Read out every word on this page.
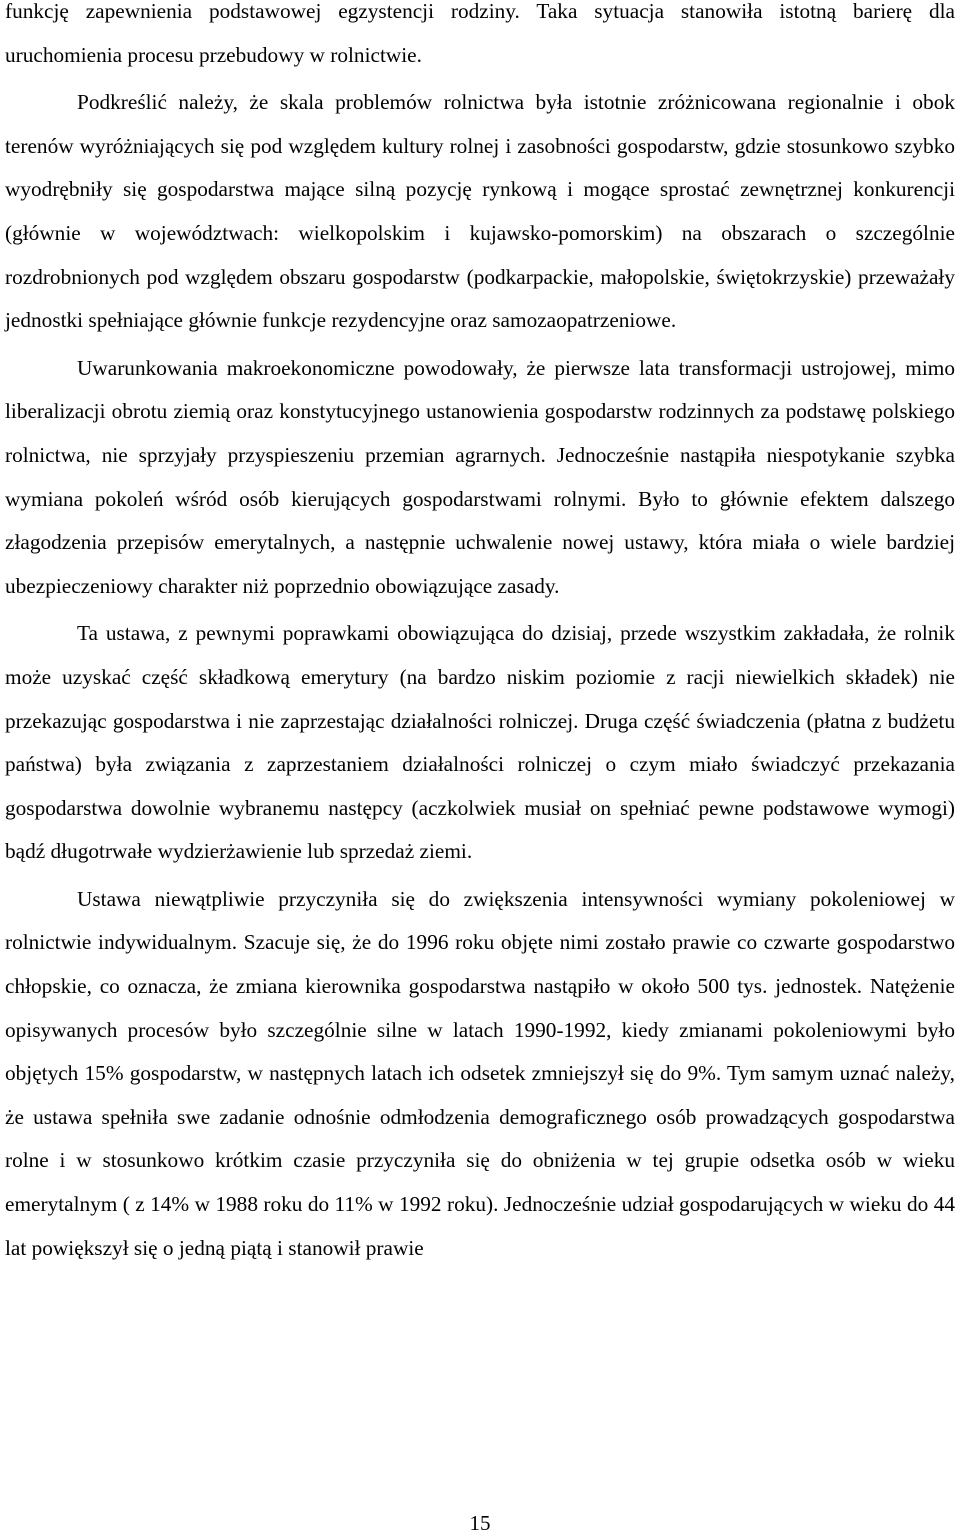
funkcję zapewnienia podstawowej egzystencji rodziny. Taka sytuacja stanowiła istotną barierę dla uruchomienia procesu przebudowy w rolnictwie.

Podkreślić należy, że skala problemów rolnictwa była istotnie zróżnicowana regionalnie i obok terenów wyróżniających się pod względem kultury rolnej i zasobności gospodarstw, gdzie stosunkowo szybko wyodrębniły się gospodarstwa mające silną pozycję rynkową i mogące sprostać zewnętrznej konkurencji (głównie w województwach: wielkopolskim i kujawsko-pomorskim) na obszarach o szczególnie rozdrobnionych pod względem obszaru gospodarstw (podkarpackie, małopolskie, świętokrzyskie) przeważały jednostki spełniające głównie funkcje rezydencyjne oraz samozaopatrzeniowe.

Uwarunkowania makroekonomiczne powodowały, że pierwsze lata transformacji ustrojowej, mimo liberalizacji obrotu ziemią oraz konstytucyjnego ustanowienia gospodarstw rodzinnych za podstawę polskiego rolnictwa, nie sprzyjały przyspieszeniu przemian agrarnych. Jednocześnie nastąpiła niespotykanie szybka wymiana pokoleń wśród osób kierujących gospodarstwami rolnymi. Było to głównie efektem dalszego złagodzenia przepisów emerytalnych, a następnie uchwalenie nowej ustawy, która miała o wiele bardziej ubezpieczeniowy charakter niż poprzednio obowiązujące zasady.

Ta ustawa, z pewnymi poprawkami obowiązująca do dzisiaj, przede wszystkim zakładała, że rolnik może uzyskać część składkową emerytury (na bardzo niskim poziomie z racji niewielkich składek) nie przekazując gospodarstwa i nie zaprzestając działalności rolniczej. Druga część świadczenia (płatna z budżetu państwa) była związania z zaprzestaniem działalności rolniczej o czym miało świadczyć przekazania gospodarstwa dowolnie wybranemu następcy (aczkolwiek musiał on spełniać pewne podstawowe wymogi) bądź długotrwałe wydzierżawienie lub sprzedaż ziemi.

Ustawa niewątpliwie przyczyniła się do zwiększenia intensywności wymiany pokoleniowej w rolnictwie indywidualnym. Szacuje się, że do 1996 roku objęte nimi zostało prawie co czwarte gospodarstwo chłopskie, co oznacza, że zmiana kierownika gospodarstwa nastąpiło w około 500 tys. jednostek. Natężenie opisywanych procesów było szczególnie silne w latach 1990-1992, kiedy zmianami pokoleniowymi było objętych 15% gospodarstw, w następnych latach ich odsetek zmniejszył się do 9%. Tym samym uznać należy, że ustawa spełniła swe zadanie odnośnie odmłodzenia demograficznego osób prowadzących gospodarstwa rolne i w stosunkowo krótkim czasie przyczyniła się do obniżenia w tej grupie odsetka osób w wieku emerytalnym ( z 14% w 1988 roku do 11% w 1992 roku). Jednocześnie udział gospodarujących w wieku do 44 lat powiększył się o jedną piątą i stanowił prawie

15
